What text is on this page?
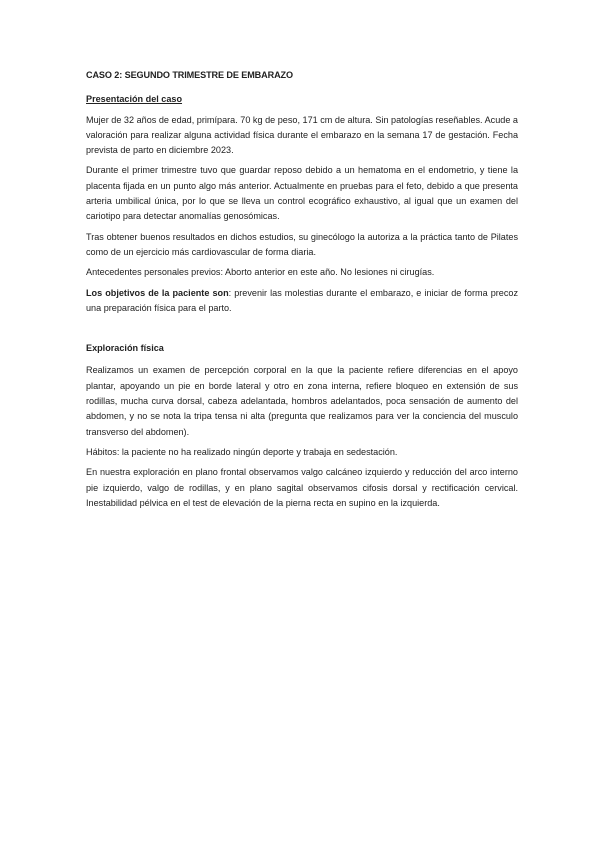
CASO 2: SEGUNDO TRIMESTRE DE EMBARAZO
Presentación del caso

Mujer de 32 años de edad, primípara. 70 kg de peso, 171 cm de altura. Sin patologías reseñables. Acude a valoración para realizar alguna actividad física durante el embarazo en la semana 17 de gestación. Fecha prevista de parto en diciembre 2023.

Durante el primer trimestre tuvo que guardar reposo debido a un hematoma en el endometrio, y tiene la placenta fijada en un punto algo más anterior. Actualmente en pruebas para el feto, debido a que presenta arteria umbilical única, por lo que se lleva un control ecográfico exhaustivo, al igual que un examen del cariotipo para detectar anomalías genosómicas.

Tras obtener buenos resultados en dichos estudios, su ginecólogo la autoriza a la práctica tanto de Pilates como de un ejercicio más cardiovascular de forma diaria.

Antecedentes personales previos: Aborto anterior en este año. No lesiones ni cirugías.

Los objetivos de la paciente son: prevenir las molestias durante el embarazo, e iniciar de forma precoz una preparación física para el parto.

Exploración física

Realizamos un examen de percepción corporal en la que la paciente refiere diferencias en el apoyo plantar, apoyando un pie en borde lateral y otro en zona interna, refiere bloqueo en extensión de sus rodillas, mucha curva dorsal, cabeza adelantada, hombros adelantados, poca sensación de aumento del abdomen, y no se nota la tripa tensa ni alta (pregunta que realizamos para ver la conciencia del musculo transverso del abdomen).

Hábitos: la paciente no ha realizado ningún deporte y trabaja en sedestación.

En nuestra exploración en plano frontal observamos valgo calcáneo izquierdo y reducción del arco interno pie izquierdo, valgo de rodillas, y en plano sagital observamos cifosis dorsal y rectificación cervical. Inestabilidad pélvica en el test de elevación de la pierna recta en supino en la izquierda.
